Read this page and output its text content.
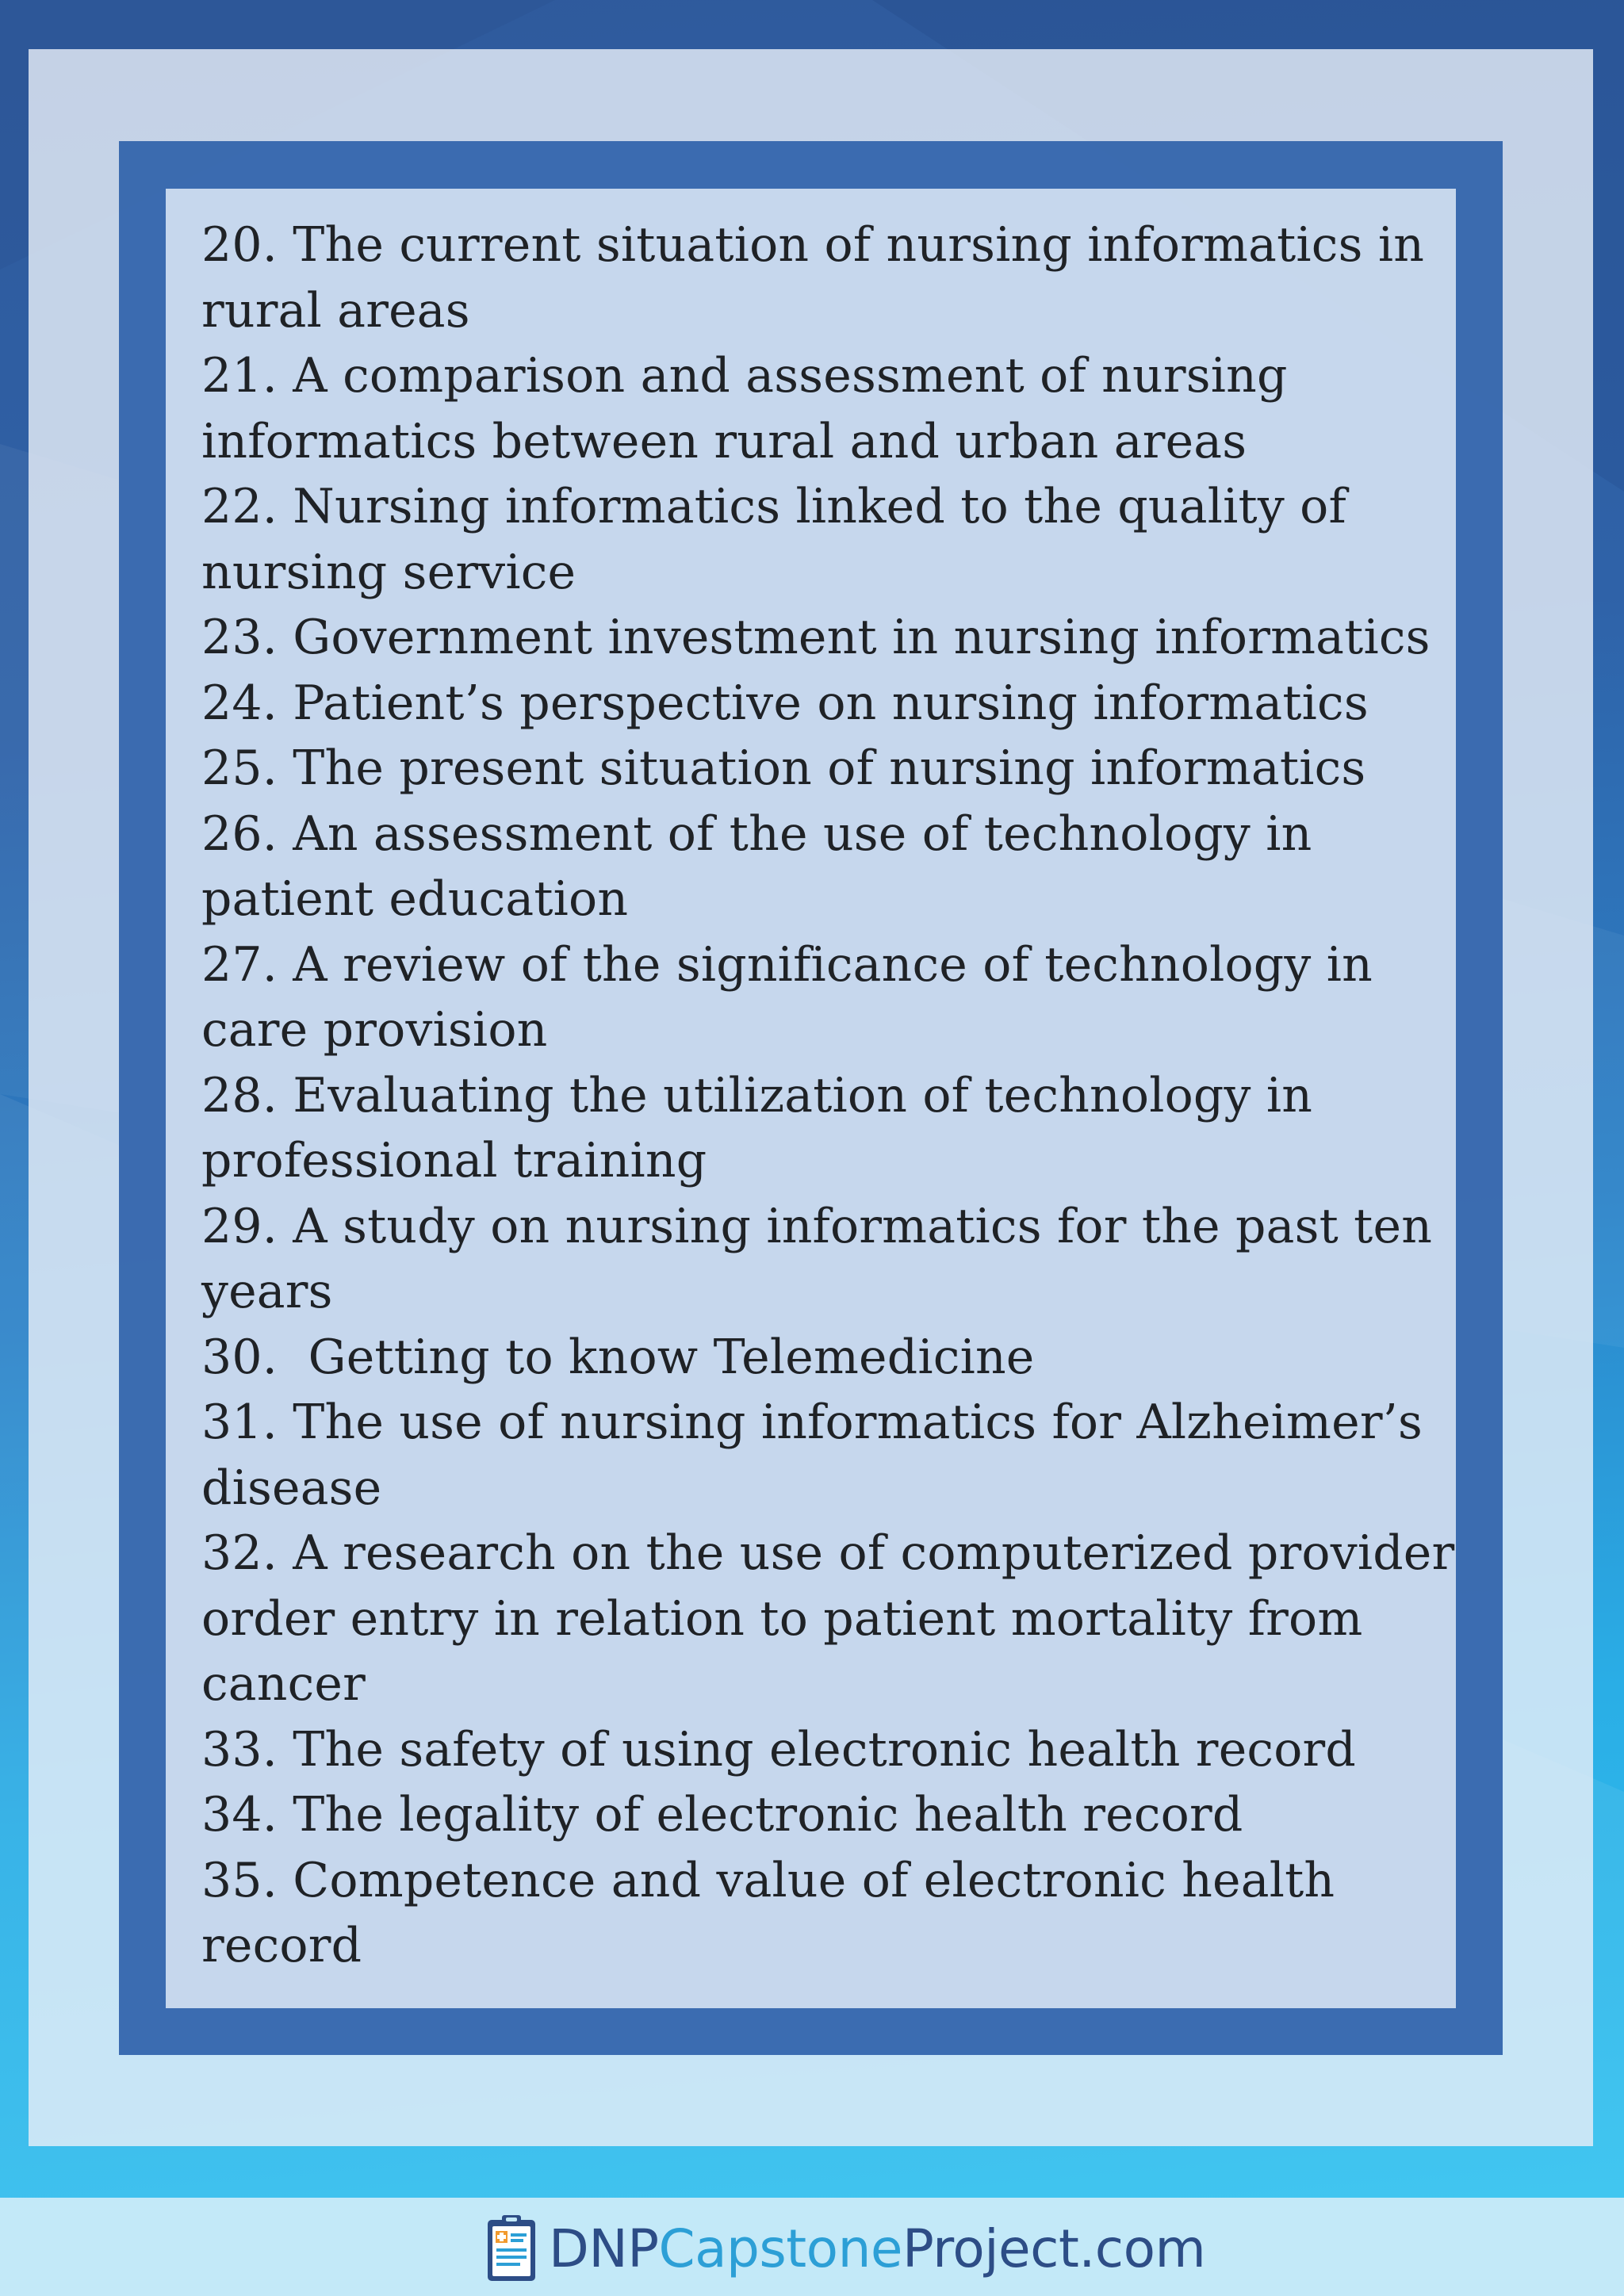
20. The current situation of nursing informatics in
rural areas
21. A comparison and assessment of nursing
informatics between rural and urban areas
22. Nursing informatics linked to the quality of
nursing service
23. Government investment in nursing informatics
24. Patient’s perspective on nursing informatics
25. The present situation of nursing informatics
26. An assessment of the use of technology in
patient education
27. A review of the significance of technology in
care provision
28. Evaluating the utilization of technology in
professional training
29. A study on nursing informatics for the past ten
years
30.  Getting to know Telemedicine
31. The use of nursing informatics for Alzheimer’s
disease
32. A research on the use of computerized provider
order entry in relation to patient mortality from
cancer
33. The safety of using electronic health record
34. The legality of electronic health record
35. Competence and value of electronic health
record
DNPCapstoneProject.com
